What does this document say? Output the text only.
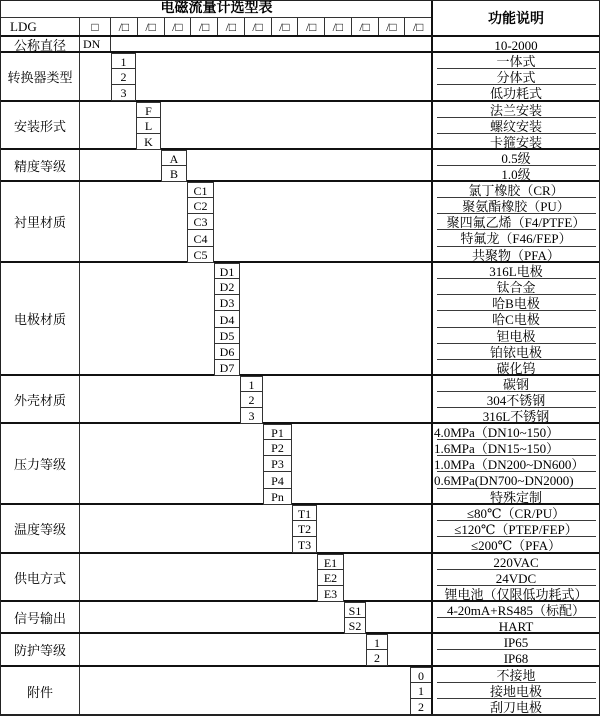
电磁流量计选型表
功能说明
LDG	□	/□	/□	/□	/□	/□	/□	/□	/□	/□	/□	/□	/□
公称直径	DN	10-2000
转换器类型
1	一体式
2	分体式
3	低功耗式
安装形式
F	法兰安装
L	螺纹安装
K	卡箍安装
精度等级	A	0.5级
B	1.0级
衬里材质
C1	氯丁橡胶（CR）
C2	聚氨酯橡胶（PU）
C3	聚四氟乙烯（F4/PTFE）
C4	特氟龙（F46/FEP）
C5	共聚物（PFA）
电极材质
D1	316L电极
D2	钛合金
D3	哈B电极
D4	哈C电极
D5	钽电极
D6	铂铱电极
D7	碳化钨
外壳材质
1	碳钢
2	304不锈钢
3	316L不锈钢
压力等级
P1	4.0MPa（DN10~150）
P2	1.6MPa（DN15~150）
P3	1.0MPa（DN200~DN600）
P4	0.6MPa(DN700~DN2000)
Pn	特殊定制
温度等级
T1	≤80℃（CR/PU）
T2	≤120℃（PTEP/FEP）
T3	≤200℃（PFA）
供电方式
E1	220VAC
E2	24VDC
E3	锂电池（仅限低功耗式）
信号输出	S1	4-20mA+RS485（标配）
S2	HART
防护等级
1	IP65
2	IP68
附件
0	不接地
1	接地电极
2	刮刀电极
